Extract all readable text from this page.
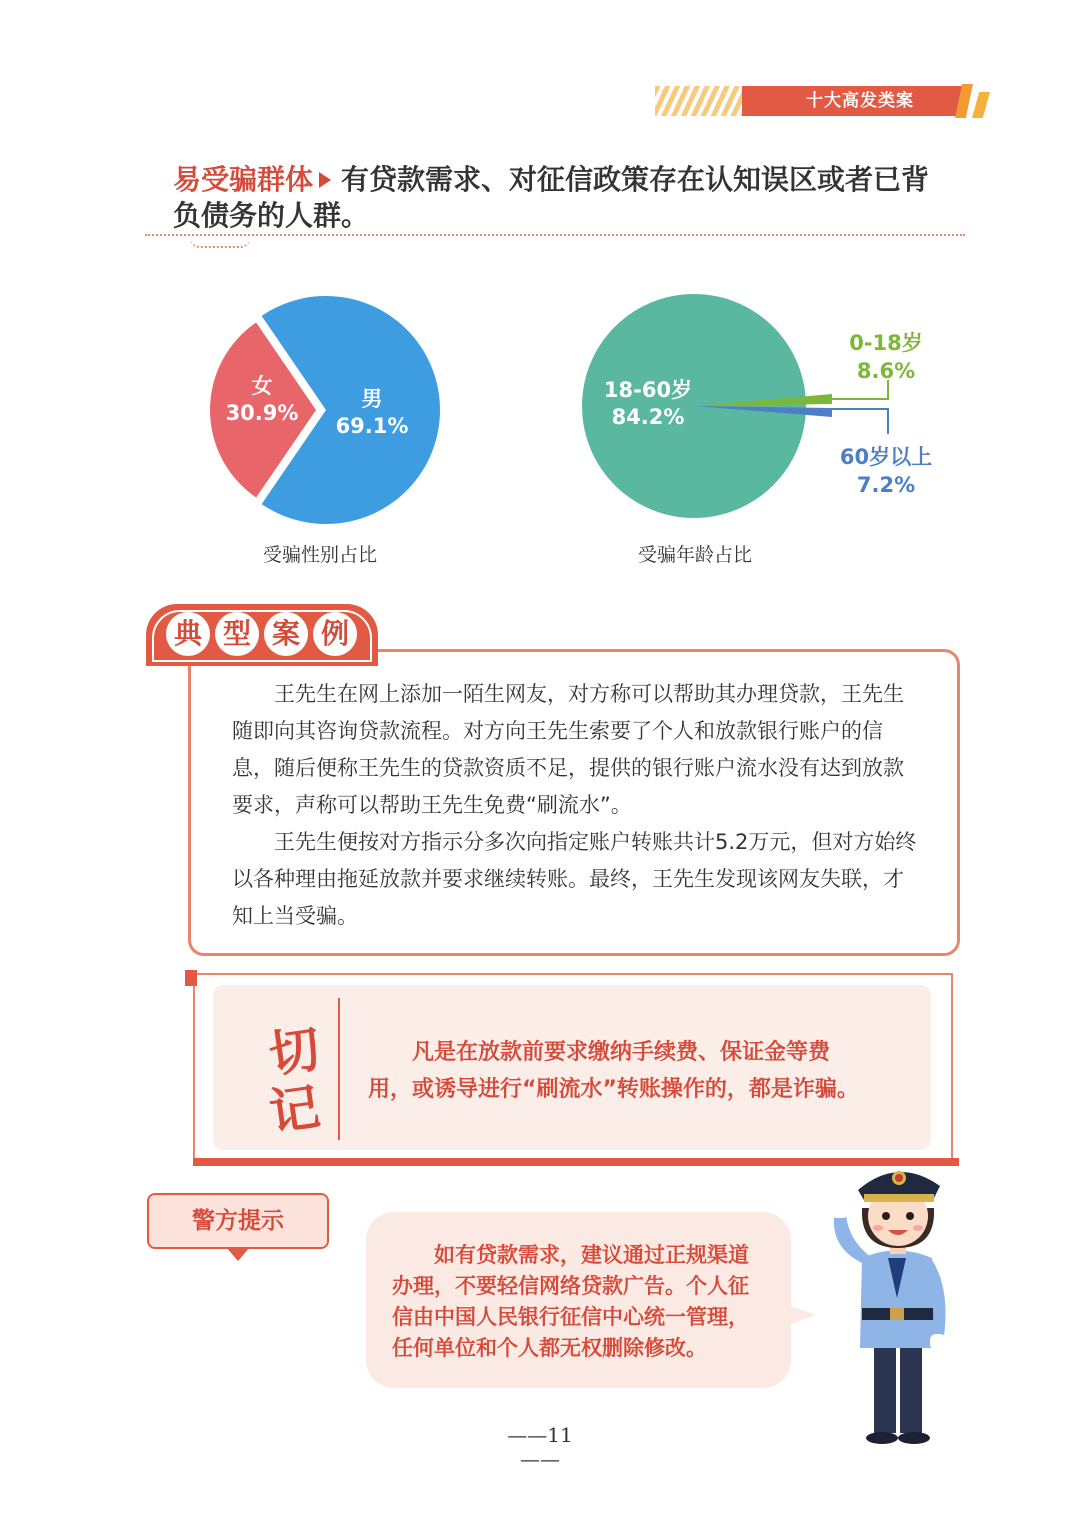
十大高发类案
易受骗群体 有贷款需求、对征信政策存在认知误区或者已背
负债务的人群。
女
30.9%
男
69.1%
18-60岁
84.2%
0-18岁
8.6%
60岁以上
7.2%
受骗性别占比	受骗年龄占比
典 型 案 例

王先生在网上添加一陌生网友，对方称可以帮助其办理贷款，王先生随即向其咨询贷款流程。对方向王先生索要了个人和放款银行账户的信息，随后便称王先生的贷款资质不足，提供的银行账户流水没有达到放款要求，声称可以帮助王先生免费“刷流水”。

王先生便按对方指示分多次向指定账户转账共计5.2万元，但对方始终以各种理由拖延放款并要求继续转账。最终，王先生发现该网友失联，才知上当受骗。

切
记

凡是在放款前要求缴纳手续费、保证金等费

用，或诱导进行“刷流水”转账操作的，都是诈骗。

警方提示

如有贷款需求，建议通过正规渠道

办理，不要轻信网络贷款广告。个人征

信由中国人民银行征信中心统一管理，

任何单位和个人都无权删除修改。

——11——
